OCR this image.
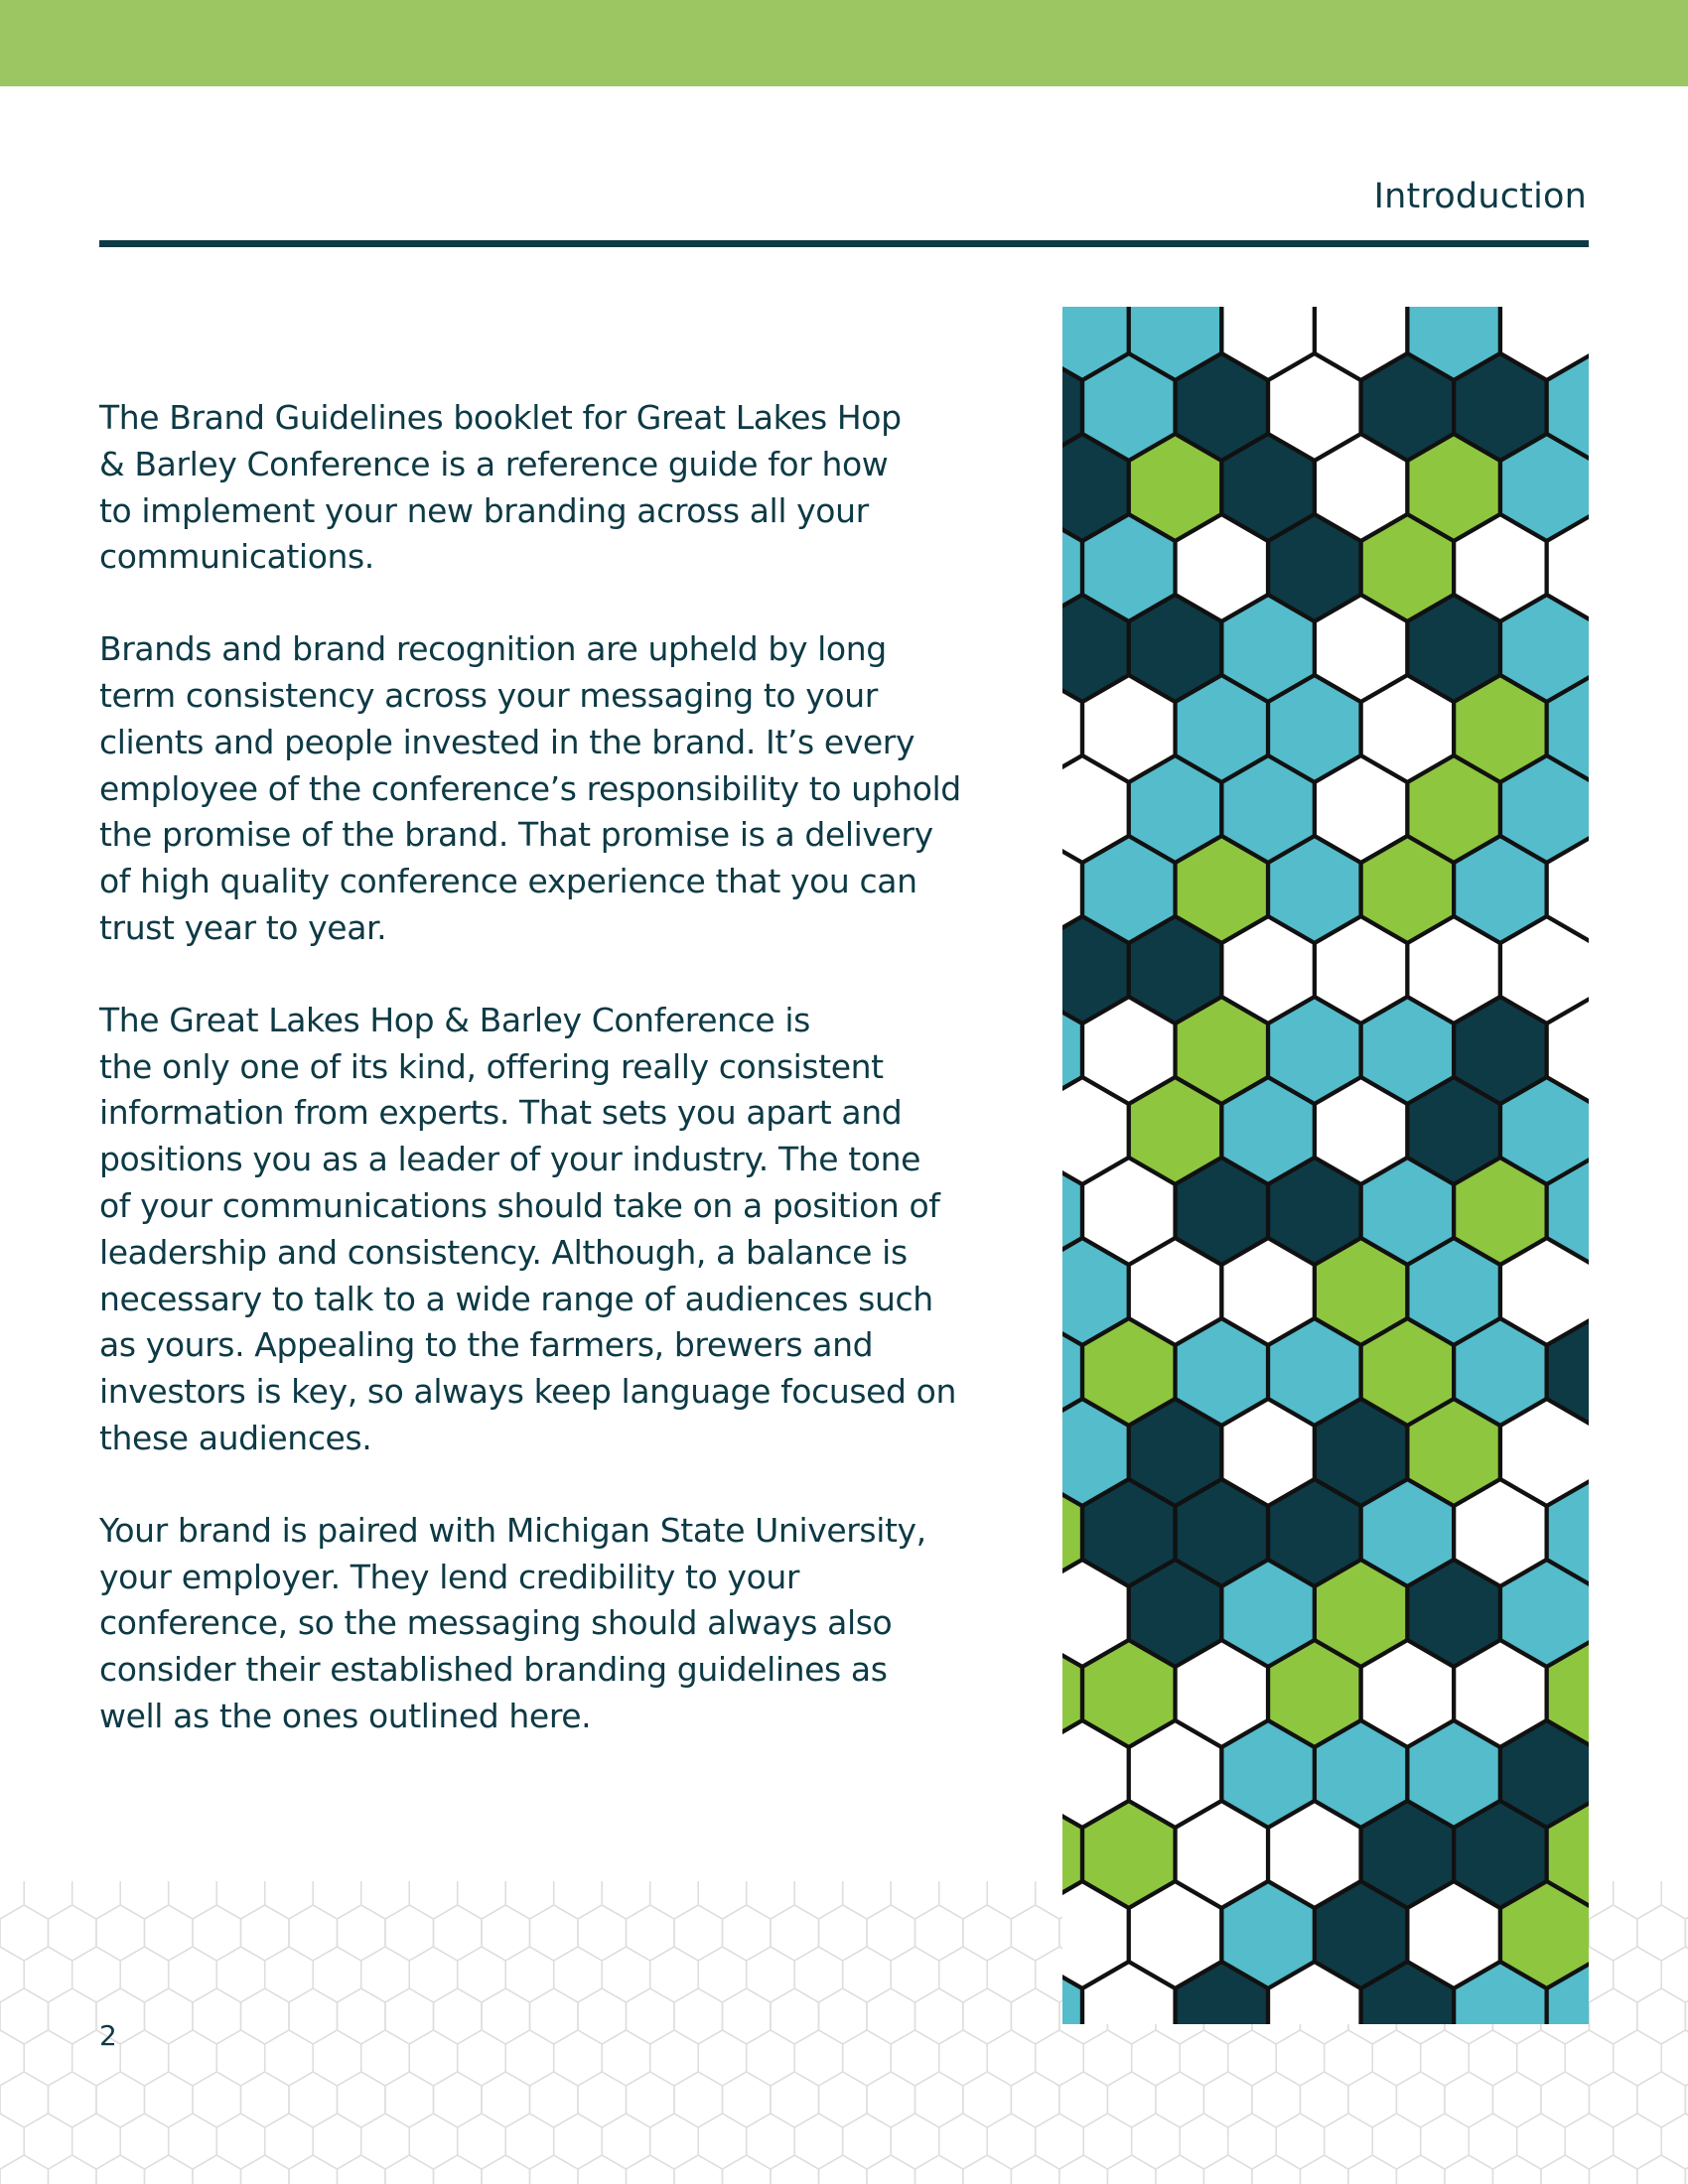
Introduction

The Brand Guidelines booklet for Great Lakes Hop
& Barley Conference is a reference guide for how
to implement your new branding across all your
communications.

Brands and brand recognition are upheld by long
term consistency across your messaging to your
clients and people invested in the brand. It’s every
employee of the conference’s responsibility to uphold
the promise of the brand. That promise is a delivery
of high quality conference experience that you can
trust year to year.

The Great Lakes Hop & Barley Conference is
the only one of its kind, offering really consistent
information from experts. That sets you apart and
positions you as a leader of your industry. The tone
of your communications should take on a position of
leadership and consistency. Although, a balance is
necessary to talk to a wide range of audiences such
as yours. Appealing to the farmers, brewers and
investors is key, so always keep language focused on
these audiences.

Your brand is paired with Michigan State University,
your employer. They lend credibility to your
conference, so the messaging should always also
consider their established branding guidelines as
well as the ones outlined here.

2
